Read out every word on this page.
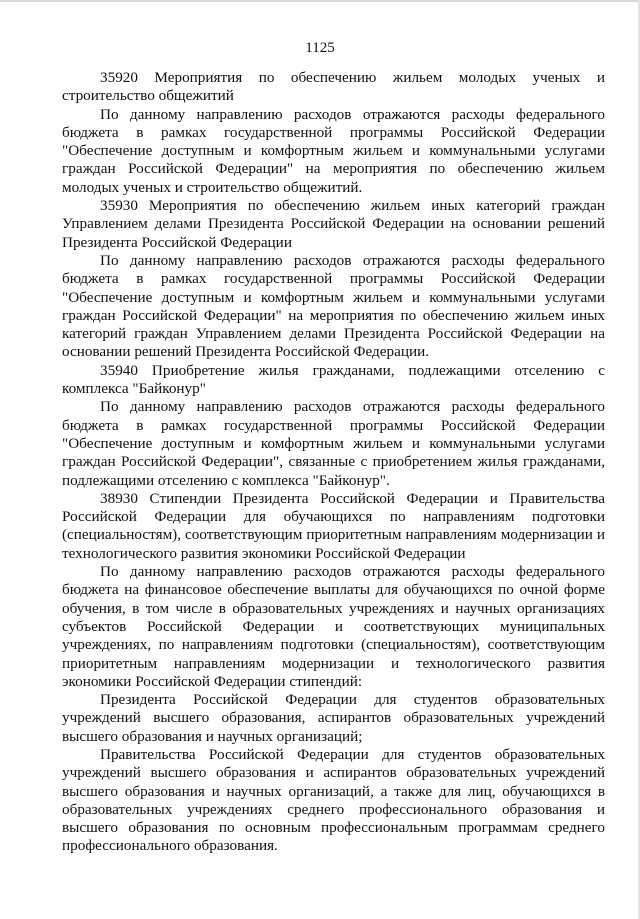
1125

35920 Мероприятия по обеспечению жильем молодых ученых и строительство общежитий

По данному направлению расходов отражаются расходы федерального бюджета в рамках государственной программы Российской Федерации "Обеспечение доступным и комфортным жильем и коммунальными услугами граждан Российской Федерации" на мероприятия по обеспечению жильем молодых ученых и строительство общежитий.

35930 Мероприятия по обеспечению жильем иных категорий граждан Управлением делами Президента Российской Федерации на основании решений Президента Российской Федерации

По данному направлению расходов отражаются расходы федерального бюджета в рамках государственной программы Российской Федерации "Обеспечение доступным и комфортным жильем и коммунальными услугами граждан Российской Федерации" на мероприятия по обеспечению жильем иных категорий граждан Управлением делами Президента Российской Федерации на основании решений Президента Российской Федерации.

35940 Приобретение жилья гражданами, подлежащими отселению с комплекса "Байконур"

По данному направлению расходов отражаются расходы федерального бюджета в рамках государственной программы Российской Федерации "Обеспечение доступным и комфортным жильем и коммунальными услугами граждан Российской Федерации", связанные с приобретением жилья гражданами, подлежащими отселению с комплекса "Байконур".

38930 Стипендии Президента Российской Федерации и Правительства Российской Федерации для обучающихся по направлениям подготовки (специальностям), соответствующим приоритетным направлениям модернизации и технологического развития экономики Российской Федерации

По данному направлению расходов отражаются расходы федерального бюджета на финансовое обеспечение выплаты для обучающихся по очной форме обучения, в том числе в образовательных учреждениях и научных организациях субъектов Российской Федерации и соответствующих муниципальных учреждениях, по направлениям подготовки (специальностям), соответствующим приоритетным направлениям модернизации и технологического развития экономики Российской Федерации стипендий:

Президента Российской Федерации для студентов образовательных учреждений высшего образования, аспирантов образовательных учреждений высшего образования и научных организаций;

Правительства Российской Федерации для студентов образовательных учреждений высшего образования и аспирантов образовательных учреждений высшего образования и научных организаций, а также для лиц, обучающихся в образовательных учреждениях среднего профессионального образования и высшего образования по основным профессиональным программам среднего профессионального образования.
